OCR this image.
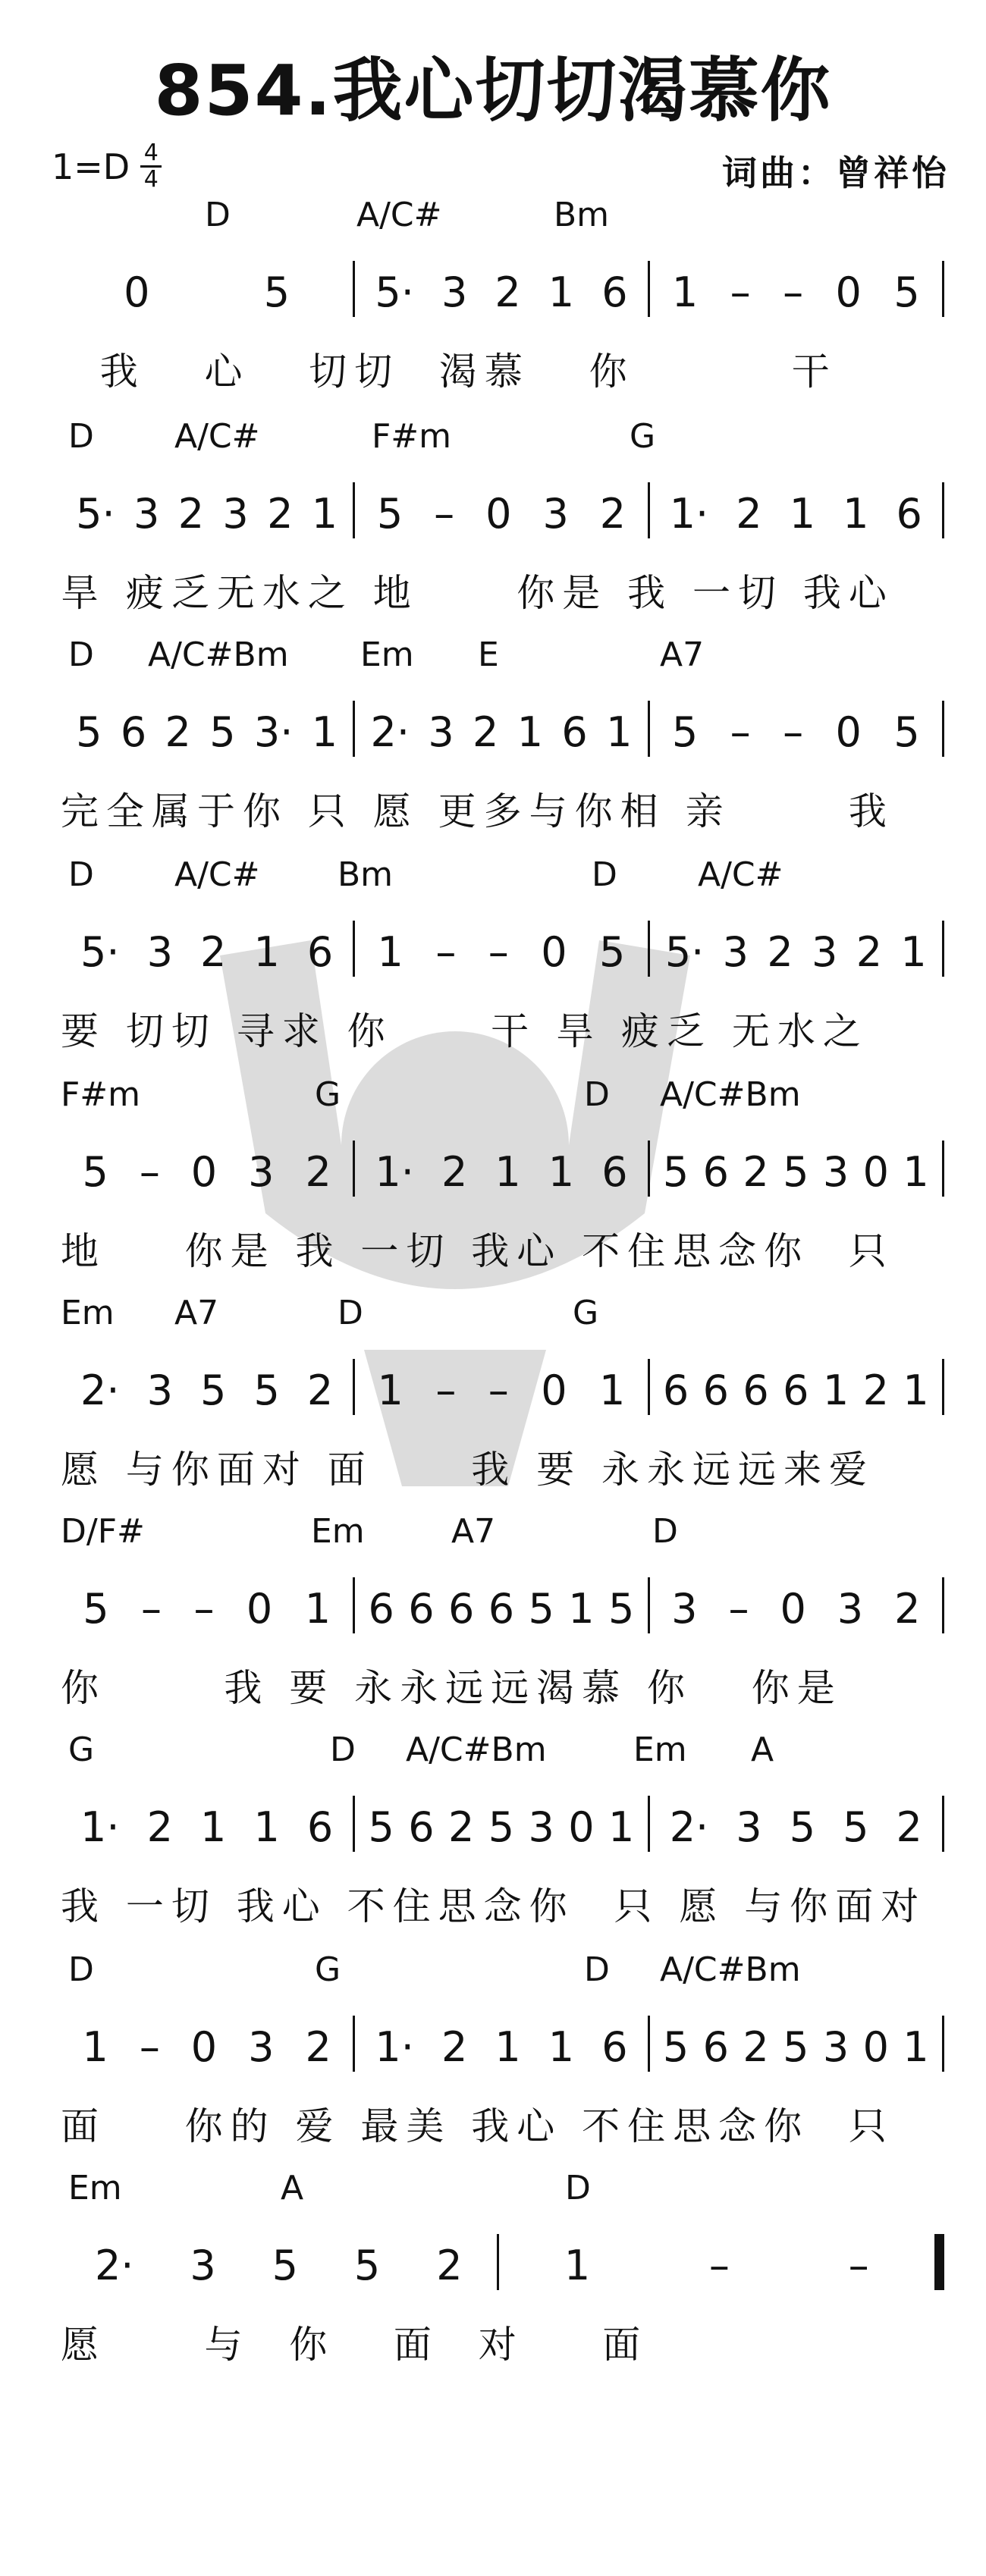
854.我心切切渴慕你
1=D 4
4	词曲：曾祥怡
D	A/C#	Bm
0	5 5· 3 2 1 6 1 – – 0 5
我   心   切切  渴慕   你        干
D A/C#	F#m	G
5· 3 2 3 2 1 5 – 0 3 2 1· 2 1 1 6
旱 疲乏无水之 地     你是 我 一切 我心
D A/C#Bm Em E	A7
5 6 2 5 3· 1 2· 3 2 1 6 1 5 – – 0 5
完全属于你 只 愿 更多与你相 亲      我
D A/C# Bm	D A/C#
5· 3 2 1 6 1 – – 0 5 5· 3 2 3 2 1
要 切切 寻求 你     干 旱 疲乏 无水之
F#m	G	D A/C#Bm
5 – 0 3 2 1· 2 1 1 6 5 6 2 5 3 0 1
地    你是 我 一切 我心 不住思念你  只
Em A7	D	G
2· 3 5 5 2 1 – – 0 1 6 6 6 6 1 2 1
愿 与你面对 面     我 要 永永远远来爱
D/F#	Em	A7	D
5 – – 0 1 6 6 6 6 5 1 5 3 – 0 3 2
你      我 要 永永远远渴慕 你   你是
G	D A/C#Bm	Em A
1· 2 1 1 6 5 6 2 5 3 0 1 2· 3 5 5 2
我 一切 我心 不住思念你  只 愿 与你面对
D	G	D A/C#Bm
1 – 0 3 2 1· 2 1 1 6 5 6 2 5 3 0 1
面    你的 爱 最美 我心 不住思念你  只
Em	A	D
2· 3 5 5 2 1	–	–
愿     与  你   面  对    面
